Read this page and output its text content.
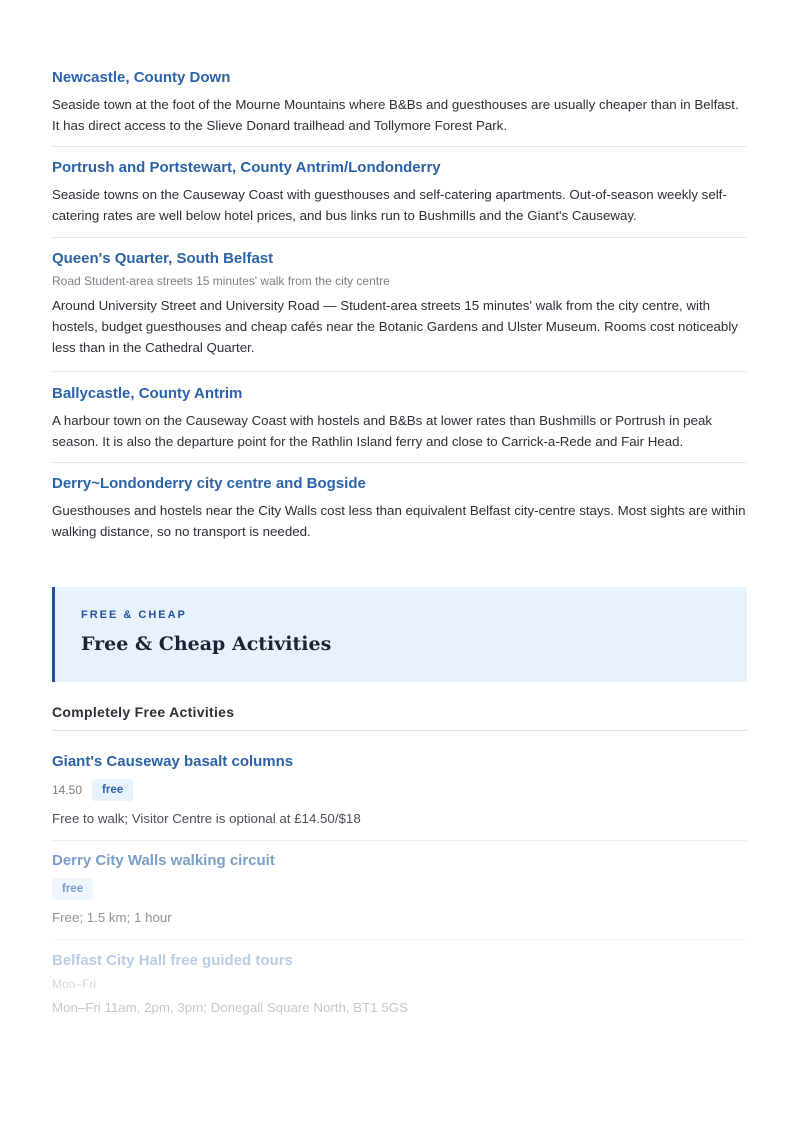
Newcastle, County Down
Seaside town at the foot of the Mourne Mountains where B&Bs and guesthouses are usually cheaper than in Belfast. It has direct access to the Slieve Donard trailhead and Tollymore Forest Park.
Portrush and Portstewart, County Antrim/Londonderry
Seaside towns on the Causeway Coast with guesthouses and self-catering apartments. Out-of-season weekly self-catering rates are well below hotel prices, and bus links run to Bushmills and the Giant's Causeway.
Queen's Quarter, South Belfast
Road Student-area streets 15 minutes' walk from the city centre
Around University Street and University Road — Student-area streets 15 minutes' walk from the city centre, with hostels, budget guesthouses and cheap cafés near the Botanic Gardens and Ulster Museum. Rooms cost noticeably less than in the Cathedral Quarter.
Ballycastle, County Antrim
A harbour town on the Causeway Coast with hostels and B&Bs at lower rates than Bushmills or Portrush in peak season. It is also the departure point for the Rathlin Island ferry and close to Carrick-a-Rede and Fair Head.
Derry~Londonderry city centre and Bogside
Guesthouses and hostels near the City Walls cost less than equivalent Belfast city-centre stays. Most sights are within walking distance, so no transport is needed.
FREE & CHEAP
Free & Cheap Activities
Completely Free Activities
Giant's Causeway basalt columns
14.50	free
Free to walk; Visitor Centre is optional at £14.50/$18
Derry City Walls walking circuit
free
Free; 1.5 km; 1 hour
Belfast City Hall free guided tours
Mon–Fri
Mon–Fri 11am, 2pm, 3pm; Donegall Square North, BT1 5GS
